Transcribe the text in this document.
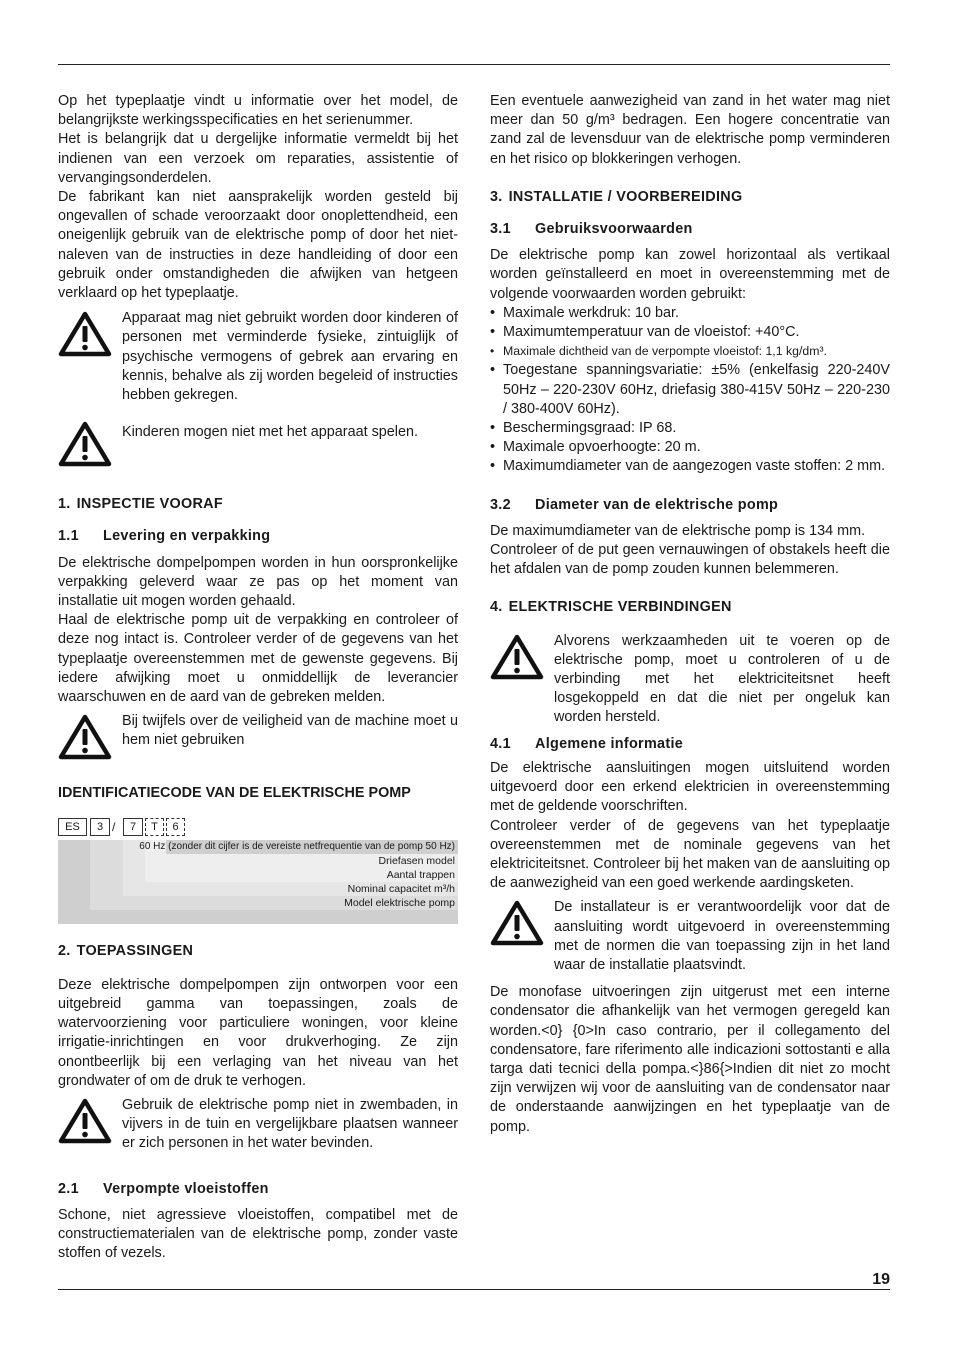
Op het typeplaatje vindt u informatie over het model, de belangrijkste werkingsspecificaties en het serienummer.

Het is belangrijk dat u dergelijke informatie vermeldt bij het indienen van een verzoek om reparaties, assistentie of vervangingsonderdelen.

De fabrikant kan niet aansprakelijk worden gesteld bij ongevallen of schade veroorzaakt door onoplettendheid, een oneigenlijk gebruik van de elektrische pomp of door het niet-naleven van de instructies in deze handleiding of door een gebruik onder omstandigheden die afwijken van hetgeen verklaard op het typeplaatje.

Apparaat mag niet gebruikt worden door kinderen of personen met verminderde fysieke, zintuiglijk of psychische vermogens of gebrek aan ervaring en kennis, behalve als zij worden begeleid of instructies hebben gekregen.

Kinderen mogen niet met het apparaat spelen.

1. INSPECTIE VOORAF
1.1 Levering en verpakking

De elektrische dompelpompen worden in hun oorspronkelijke verpakking geleverd waar ze pas op het moment van installatie uit mogen worden gehaald.

Haal de elektrische pomp uit de verpakking en controleer of deze nog intact is. Controleer verder of de gegevens van het typeplaatje overeenstemmen met de gewenste gegevens. Bij iedere afwijking moet u onmiddellijk de leverancier waarschuwen en de aard van de gebreken melden.

Bij twijfels over de veiligheid van de machine moet u hem niet gebruiken

IDENTIFICATIECODE VAN DE ELEKTRISCHE POMP
ES	3 /	7	T	6
60 Hz (zonder dit cijfer is de vereiste netfrequentie van de pomp 50 Hz)
Driefasen model
Aantal trappen
Nominal capacitet m³/h
Model elektrische pomp
2. TOEPASSINGEN

Deze elektrische dompelpompen zijn ontworpen voor een uitgebreid gamma van toepassingen, zoals de watervoorziening voor particuliere woningen, voor kleine irrigatie-inrichtingen en voor drukverhoging. Ze zijn onontbeerlijk bij een verlaging van het niveau van het grondwater of om de druk te verhogen.

Gebruik de elektrische pomp niet in zwembaden, in vijvers in de tuin en vergelijkbare plaatsen wanneer er zich personen in het water bevinden.

2.1 Verpompte vloeistoffen

Schone, niet agressieve vloeistoffen, compatibel met de constructiematerialen van de elektrische pomp, zonder vaste stoffen of vezels.

Een eventuele aanwezigheid van zand in het water mag niet meer dan 50 g/m³ bedragen. Een hogere concentratie van zand zal de levensduur van de elektrische pomp verminderen en het risico op blokkeringen verhogen.

3. INSTALLATIE / VOORBEREIDING
3.1 Gebruiksvoorwaarden

De elektrische pomp kan zowel horizontaal als vertikaal worden geïnstalleerd en moet in overeenstemming met de volgende voorwaarden worden gebruikt:

• Maximale werkdruk: 10 bar.
• Maximumtemperatuur van de vloeistof: +40°C.
• Maximale dichtheid van de verpompte vloeistof: 1,1 kg/dm³.
• Toegestane spanningsvariatie: ±5% (enkelfasig 220-240V 50Hz – 220-230V 60Hz, driefasig 380-415V 50Hz – 220-230 / 380-400V 60Hz).
• Beschermingsgraad: IP 68.
• Maximale opvoerhoogte: 20 m.
• Maximumdiameter van de aangezogen vaste stoffen: 2 mm.
3.2 Diameter van de elektrische pomp

De maximumdiameter van de elektrische pomp is 134 mm.

Controleer of de put geen vernauwingen of obstakels heeft die het afdalen van de pomp zouden kunnen belemmeren.

4. ELEKTRISCHE VERBINDINGEN

Alvorens werkzaamheden uit te voeren op de elektrische pomp, moet u controleren of u de verbinding met het elektriciteitsnet heeft losgekoppeld en dat die niet per ongeluk kan worden hersteld.

4.1 Algemene informatie

De elektrische aansluitingen mogen uitsluitend worden uitgevoerd door een erkend elektricien in overeenstemming met de geldende voorschriften.

Controleer verder of de gegevens van het typeplaatje overeenstemmen met de nominale gegevens van het elektriciteitsnet. Controleer bij het maken van de aansluiting op de aanwezigheid van een goed werkende aardingsketen.

De installateur is er verantwoordelijk voor dat de aansluiting wordt uitgevoerd in overeenstemming met de normen die van toepassing zijn in het land waar de installatie plaatsvindt.

De monofase uitvoeringen zijn uitgerust met een interne condensator die afhankelijk van het vermogen geregeld kan worden.<0} {0>In caso contrario, per il collegamento del condensatore, fare riferimento alle indicazioni sottostanti e alla targa dati tecnici della pompa.<}86{>Indien dit niet zo mocht zijn verwijzen wij voor de aansluiting van de condensator naar de onderstaande aanwijzingen en het typeplaatje van de pomp.

19
